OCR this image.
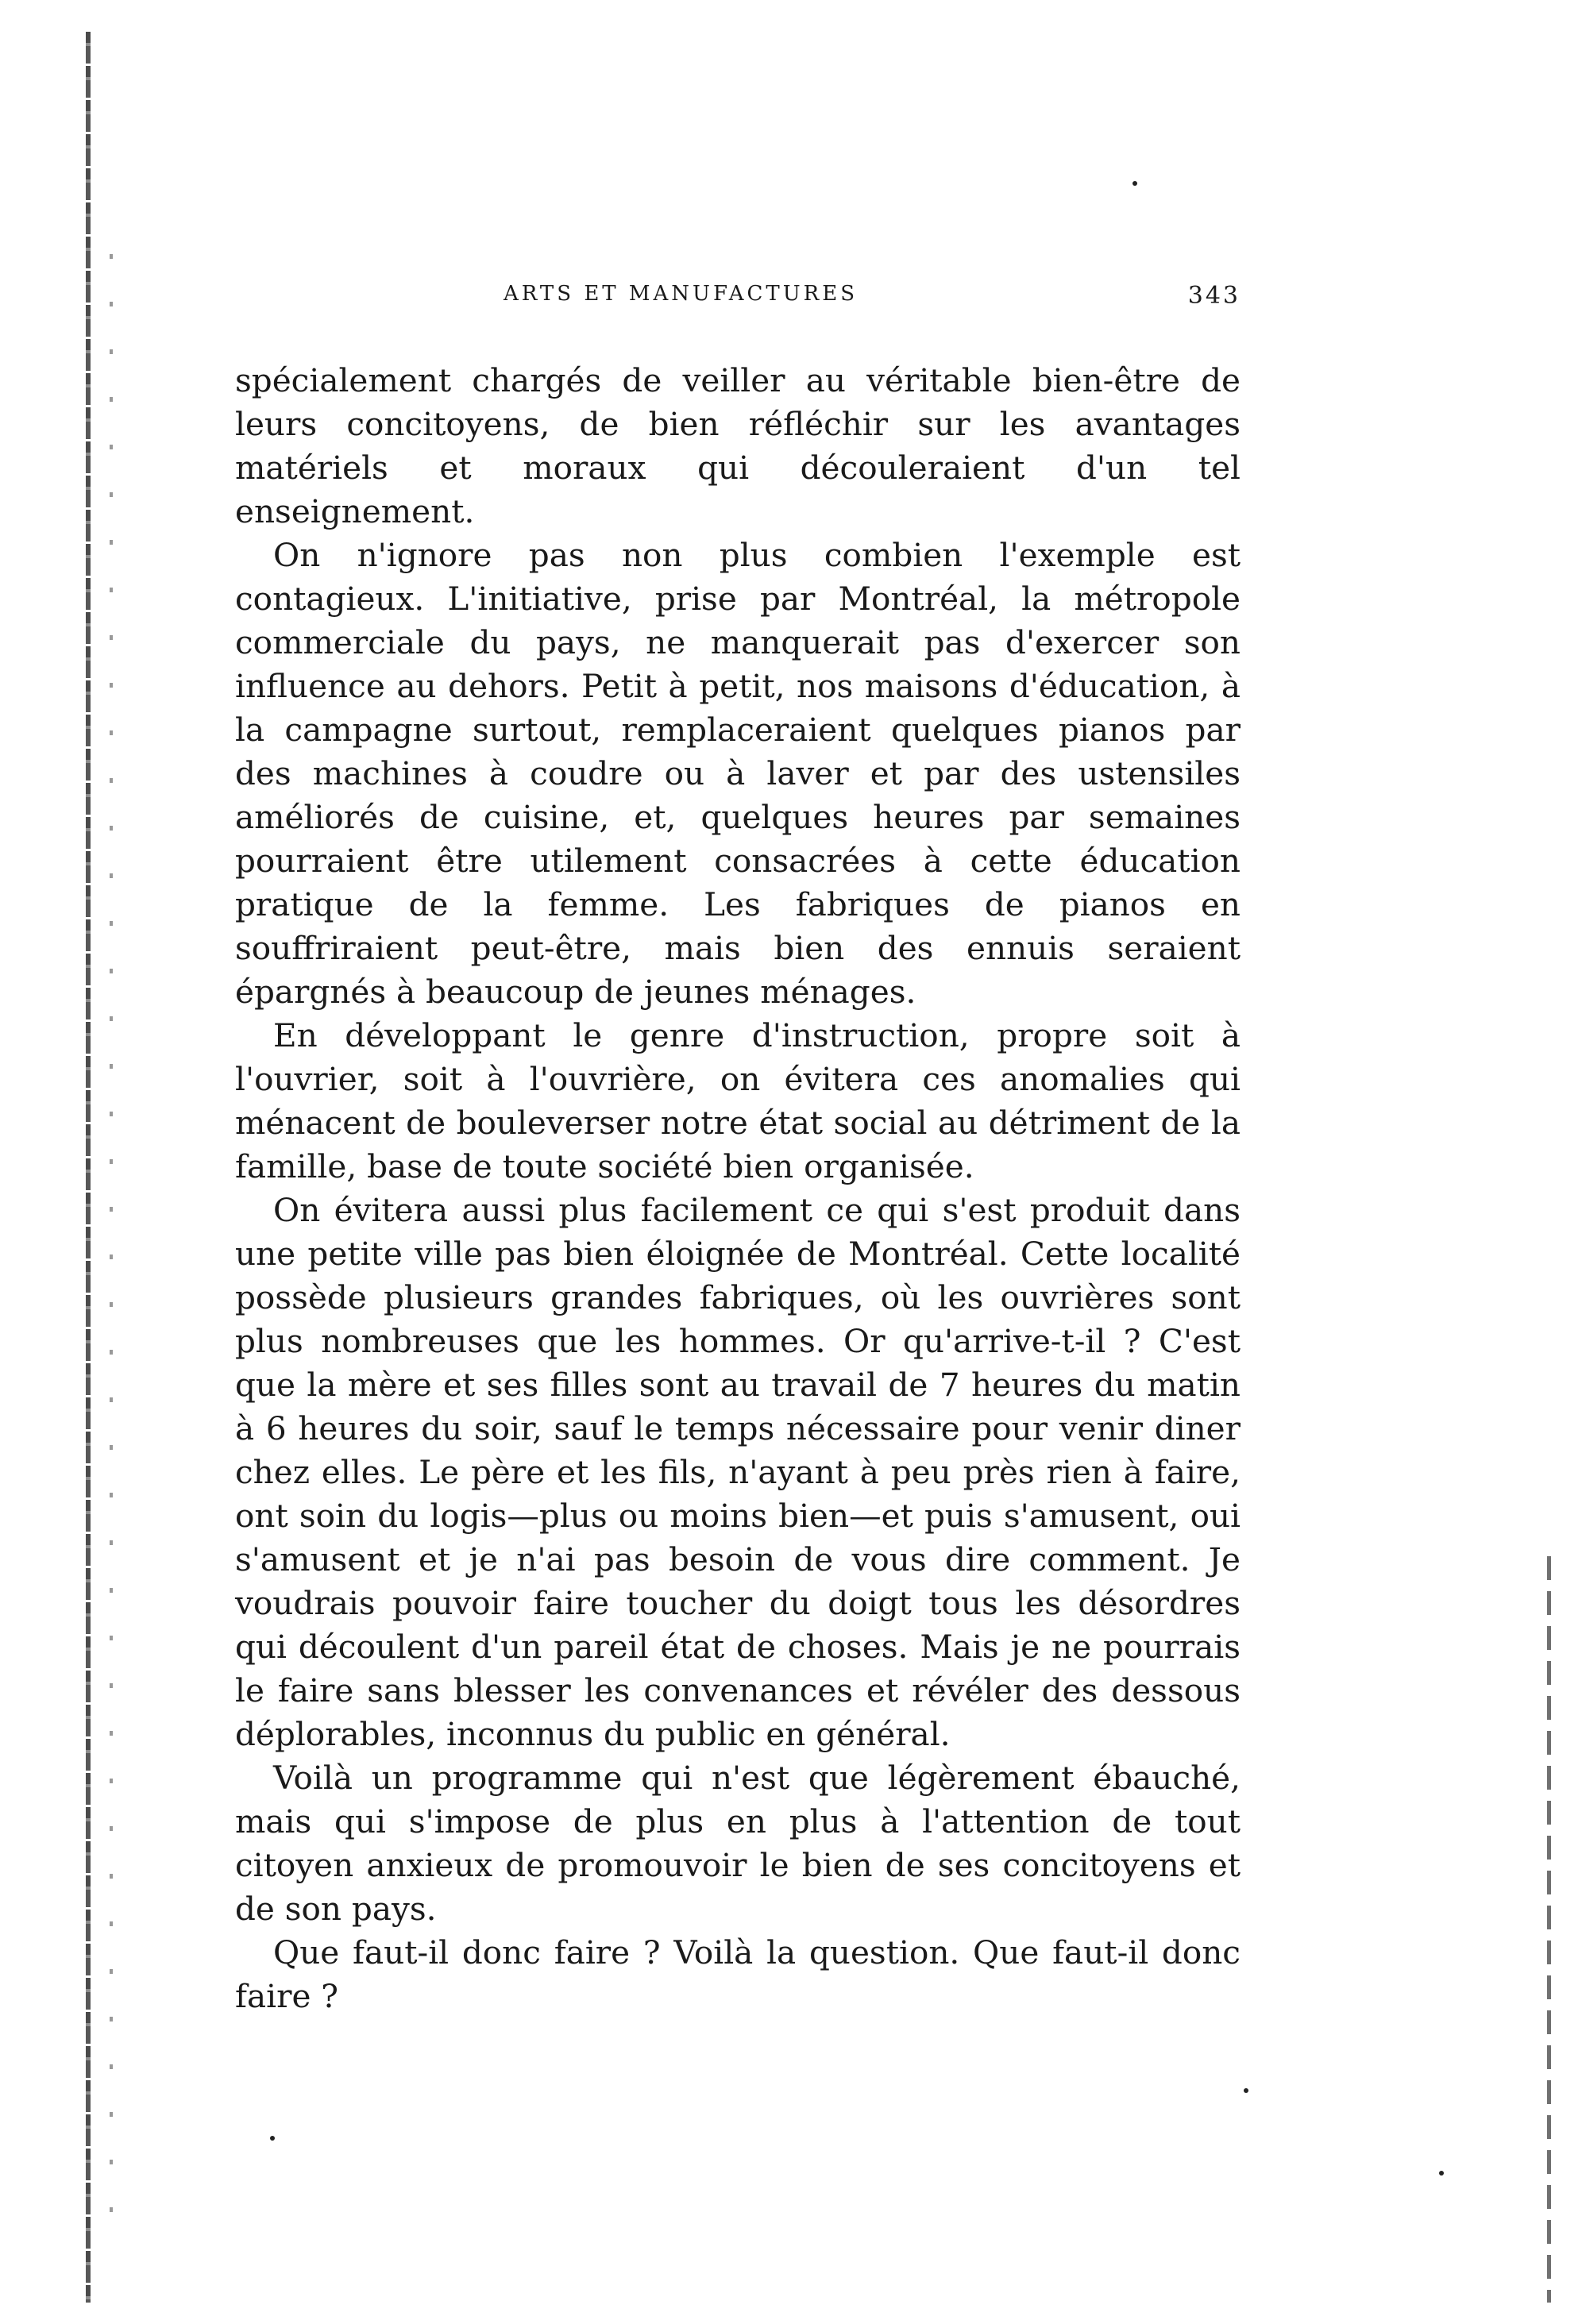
ARTS ET MANUFACTURES	343

spécialement chargés de veiller au véritable bien-être de leurs concitoyens, de bien réfléchir sur les avantages matériels et moraux qui découleraient d'un tel enseignement.

On n'ignore pas non plus combien l'exemple est contagieux. L'initiative, prise par Montréal, la métropole commerciale du pays, ne manquerait pas d'exercer son influence au dehors. Petit à petit, nos maisons d'éducation, à la campagne surtout, remplaceraient quelques pianos par des machines à coudre ou à laver et par des ustensiles améliorés de cuisine, et, quelques heures par semaines pourraient être utilement consacrées à cette éducation pratique de la femme. Les fabriques de pianos en souffriraient peut-être, mais bien des ennuis seraient épargnés à beaucoup de jeunes ménages.

En développant le genre d'instruction, propre soit à l'ouvrier, soit à l'ouvrière, on évitera ces anomalies qui ménacent de bouleverser notre état social au détriment de la famille, base de toute société bien organisée.

On évitera aussi plus facilement ce qui s'est produit dans une petite ville pas bien éloignée de Montréal. Cette localité possède plusieurs grandes fabriques, où les ouvrières sont plus nombreuses que les hommes. Or qu'arrive-t-il ? C'est que la mère et ses filles sont au travail de 7 heures du matin à 6 heures du soir, sauf le temps nécessaire pour venir diner chez elles. Le père et les fils, n'ayant à peu près rien à faire, ont soin du logis—plus ou moins bien—et puis s'amusent, oui s'amusent et je n'ai pas besoin de vous dire comment. Je voudrais pouvoir faire toucher du doigt tous les désordres qui découlent d'un pareil état de choses. Mais je ne pourrais le faire sans blesser les convenances et révéler des dessous déplorables, inconnus du public en général.

Voilà un programme qui n'est que légèrement ébauché, mais qui s'impose de plus en plus à l'attention de tout citoyen anxieux de promouvoir le bien de ses concitoyens et de son pays.

Que faut-il donc faire ? Voilà la question. Que faut-il donc faire ?
